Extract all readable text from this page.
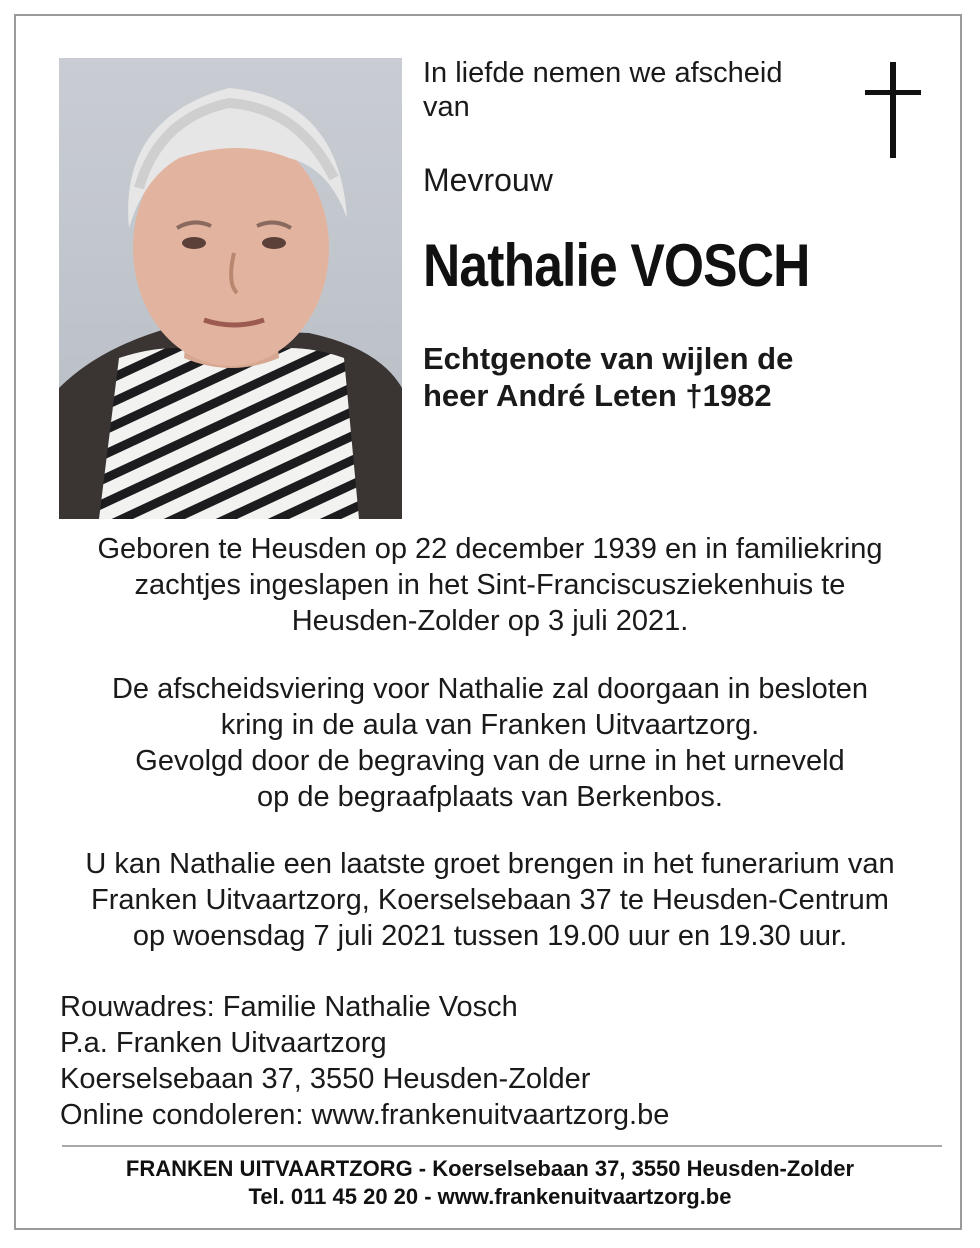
In liefde nemen we afscheid
van
Mevrouw
Nathalie VOSCH
Echtgenote van wijlen de
heer André Leten †1982
Geboren te Heusden op 22 december 1939 en in familiekring
zachtjes ingeslapen in het Sint-Franciscusziekenhuis te
Heusden-Zolder op 3 juli 2021.
De afscheidsviering voor Nathalie zal doorgaan in besloten
kring in de aula van Franken Uitvaartzorg.
Gevolgd door de begraving van de urne in het urneveld
op de begraafplaats van Berkenbos.
U kan Nathalie een laatste groet brengen in het funerarium van
Franken Uitvaartzorg, Koerselsebaan 37 te Heusden-Centrum
op woensdag 7 juli 2021 tussen 19.00 uur en 19.30 uur.
Rouwadres: Familie Nathalie Vosch
P.a. Franken Uitvaartzorg
Koerselsebaan 37, 3550 Heusden-Zolder
Online condoleren: www.frankenuitvaartzorg.be
FRANKEN UITVAARTZORG - Koerselsebaan 37, 3550 Heusden-Zolder
Tel. 011 45 20 20 - www.frankenuitvaartzorg.be
